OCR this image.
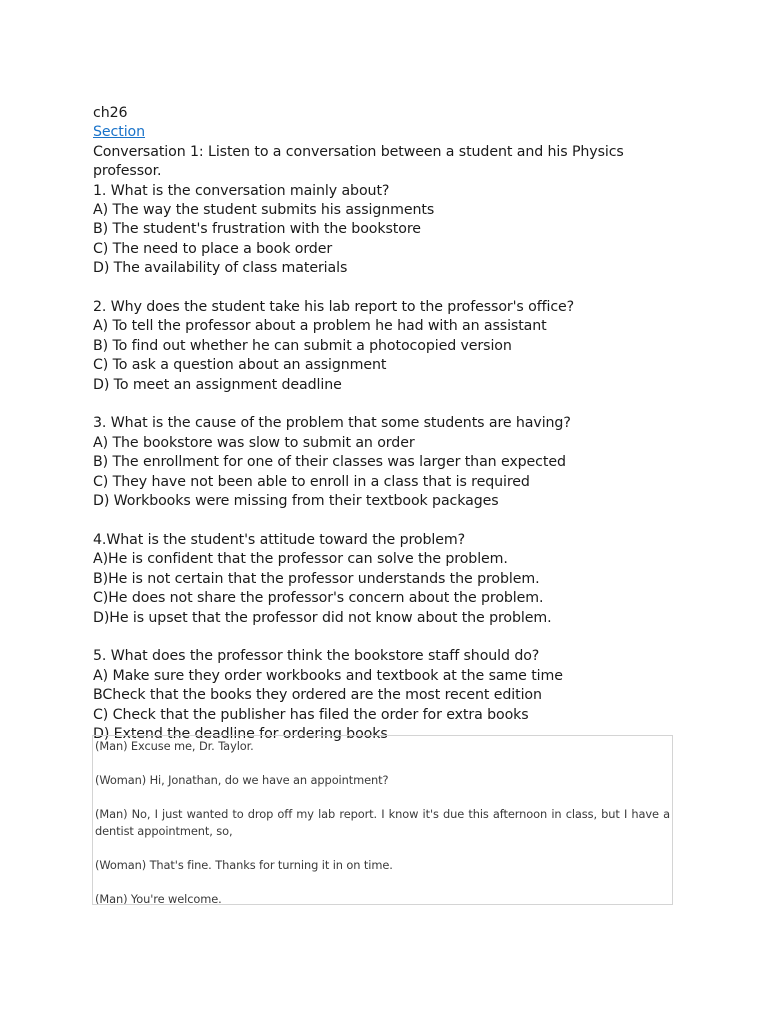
ch26
Section
Conversation 1: Listen to a conversation between a student and his Physics
professor.
1. What is the conversation mainly about?
A) The way the student submits his assignments
B) The student's frustration with the bookstore
C) The need to place a book order
D) The availability of class materials
2. Why does the student take his lab report to the professor's office?
A) To tell the professor about a problem he had with an assistant
B) To find out whether he can submit a photocopied version
C) To ask a question about an assignment
D) To meet an assignment deadline
3. What is the cause of the problem that some students are having?
A) The bookstore was slow to submit an order
B) The enrollment for one of their classes was larger than expected
C) They have not been able to enroll in a class that is required
D) Workbooks were missing from their textbook packages
4.What is the student's attitude toward the problem?
A)He is confident that the professor can solve the problem.
B)He is not certain that the professor understands the problem.
C)He does not share the professor's concern about the problem.
D)He is upset that the professor did not know about the problem.
5. What does the professor think the bookstore staff should do?
A) Make sure they order workbooks and textbook at the same time
BCheck that the books they ordered are the most recent edition
C) Check that the publisher has filed the order for extra books
D) Extend the deadline for ordering books
(Man) Excuse me, Dr. Taylor.
(Woman) Hi, Jonathan, do we have an appointment?
(Man) No, I just wanted to drop off my lab report. I know it's due this afternoon in class, but I have a dentist appointment, so,
(Woman) That's fine. Thanks for turning it in on time.
(Man) You're welcome.
